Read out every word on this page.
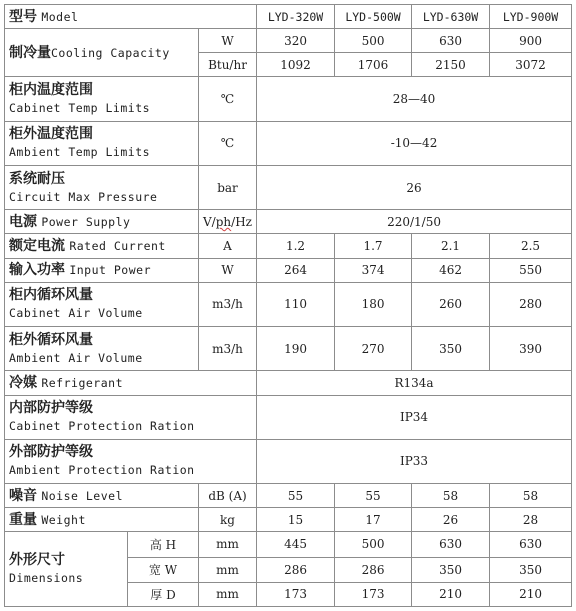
型号 Model			LYD-320W	LYD-500W	LYD-630W	LYD-900W
制冷量Cooling Capacity		W	320	500	630	900
		Btu/hr	1092	1706	2150	3072
柜内温度范围
Cabinet Temp Limits		℃	28—40			
柜外温度范围
Ambient Temp Limits		℃	-10—42			
系统耐压
Circuit Max Pressure		bar	26			
电源 Power Supply		V/ph/Hz	220/1/50			
额定电流 Rated Current		A	1.2	1.7	2.1	2.5
输入功率 Input Power		W	264	374	462	550
柜内循环风量
Cabinet Air Volume		m3/h	110	180	260	280
柜外循环风量
Ambient Air Volume		m3/h	190	270	350	390
冷媒 Refrigerant			R134a			
内部防护等级
Cabinet Protection Ration			IP34			
外部防护等级
Ambient Protection Ration			IP33			
噪音 Noise Level		dB (A)	55	55	58	58
重量 Weight		kg	15	17	26	28
外形尺寸
Dimensions	高 H	mm	445	500	630	630
	宽 W	mm	286	286	350	350
	厚 D	mm	173	173	210	210
